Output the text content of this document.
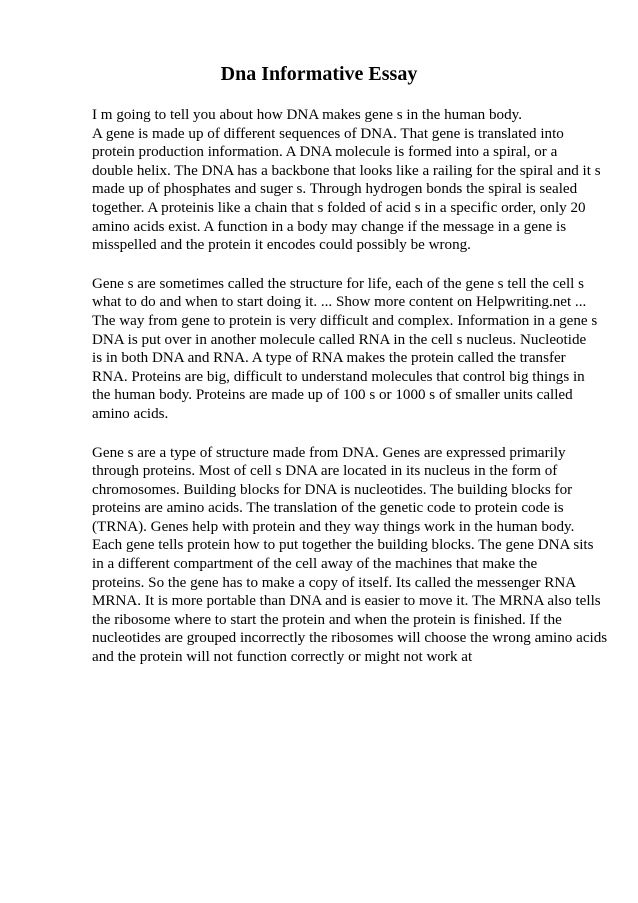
Dna Informative Essay
I m going to tell you about how DNA makes gene s in the human body.
A gene is made up of different sequences of DNA. That gene is translated into
protein production information. A DNA molecule is formed into a spiral, or a
double helix. The DNA has a backbone that looks like a railing for the spiral and it s
made up of phosphates and suger s. Through hydrogen bonds the spiral is sealed
together. A proteinis like a chain that s folded of acid s in a specific order, only 20
amino acids exist. A function in a body may change if the message in a gene is
misspelled and the protein it encodes could possibly be wrong.
Gene s are sometimes called the structure for life, each of the gene s tell the cell s
what to do and when to start doing it. ... Show more content on Helpwriting.net ...
The way from gene to protein is very difficult and complex. Information in a gene s
DNA is put over in another molecule called RNA in the cell s nucleus. Nucleotide
is in both DNA and RNA. A type of RNA makes the protein called the transfer
RNA. Proteins are big, difficult to understand molecules that control big things in
the human body. Proteins are made up of 100 s or 1000 s of smaller units called
amino acids.
Gene s are a type of structure made from DNA. Genes are expressed primarily
through proteins. Most of cell s DNA are located in its nucleus in the form of
chromosomes. Building blocks for DNA is nucleotides. The building blocks for
proteins are amino acids. The translation of the genetic code to protein code is
(TRNA). Genes help with protein and they way things work in the human body.
Each gene tells protein how to put together the building blocks. The gene DNA sits
in a different compartment of the cell away of the machines that make the
proteins. So the gene has to make a copy of itself. Its called the messenger RNA
MRNA. It is more portable than DNA and is easier to move it. The MRNA also tells
the ribosome where to start the protein and when the protein is finished. If the
nucleotides are grouped incorrectly the ribosomes will choose the wrong amino acids
and the protein will not function correctly or might not work at
